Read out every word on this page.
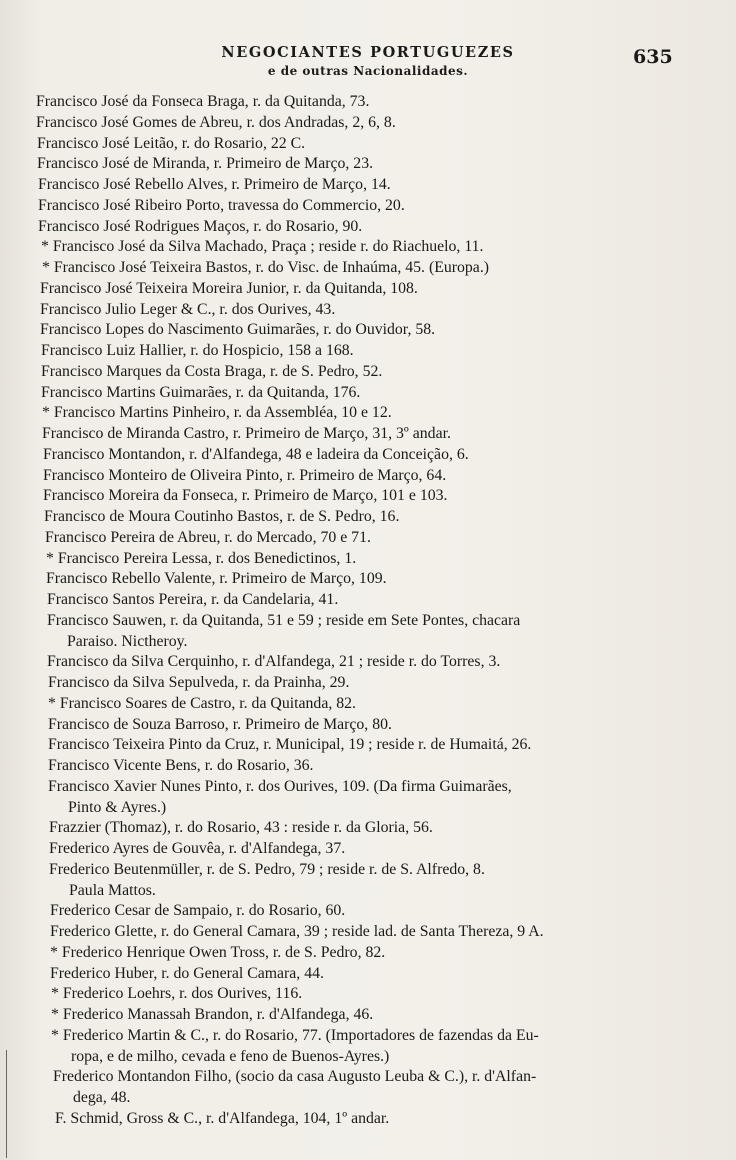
NEGOCIANTES PORTUGUEZES
e de outras Nacionalidades.
635
Francisco José da Fonseca Braga, r. da Quitanda, 73.
Francisco José Gomes de Abreu, r. dos Andradas, 2, 6, 8.
Francisco José Leitão, r. do Rosario, 22 C.
Francisco José de Miranda, r. Primeiro de Março, 23.
Francisco José Rebello Alves, r. Primeiro de Março, 14.
Francisco José Ribeiro Porto, travessa do Commercio, 20.
Francisco José Rodrigues Maços, r. do Rosario, 90.
* Francisco José da Silva Machado, Praça ; reside r. do Riachuelo, 11.
* Francisco José Teixeira Bastos, r. do Visc. de Inhaúma, 45. (Europa.)
Francisco José Teixeira Moreira Junior, r. da Quitanda, 108.
Francisco Julio Leger & C., r. dos Ourives, 43.
Francisco Lopes do Nascimento Guimarães, r. do Ouvidor, 58.
Francisco Luiz Hallier, r. do Hospicio, 158 a 168.
Francisco Marques da Costa Braga, r. de S. Pedro, 52.
Francisco Martins Guimarães, r. da Quitanda, 176.
* Francisco Martins Pinheiro, r. da Assembléa, 10 e 12.
Francisco de Miranda Castro, r. Primeiro de Março, 31, 3º andar.
Francisco Montandon, r. d'Alfandega, 48 e ladeira da Conceição, 6.
Francisco Monteiro de Oliveira Pinto, r. Primeiro de Março, 64.
Francisco Moreira da Fonseca, r. Primeiro de Março, 101 e 103.
Francisco de Moura Coutinho Bastos, r. de S. Pedro, 16.
Francisco Pereira de Abreu, r. do Mercado, 70 e 71.
* Francisco Pereira Lessa, r. dos Benedictinos, 1.
Francisco Rebello Valente, r. Primeiro de Março, 109.
Francisco Santos Pereira, r. da Candelaria, 41.
Francisco Sauwen, r. da Quitanda, 51 e 59 ; reside em Sete Pontes, chacara
Paraiso. Nictheroy.
Francisco da Silva Cerquinho, r. d'Alfandega, 21 ; reside r. do Torres, 3.
Francisco da Silva Sepulveda, r. da Prainha, 29.
* Francisco Soares de Castro, r. da Quitanda, 82.
Francisco de Souza Barroso, r. Primeiro de Março, 80.
Francisco Teixeira Pinto da Cruz, r. Municipal, 19 ; reside r. de Humaitá, 26.
Francisco Vicente Bens, r. do Rosario, 36.
Francisco Xavier Nunes Pinto, r. dos Ourives, 109. (Da firma Guimarães,
Pinto & Ayres.)
Frazzier (Thomaz), r. do Rosario, 43 : reside r. da Gloria, 56.
Frederico Ayres de Gouvêa, r. d'Alfandega, 37.
Frederico Beutenmüller, r. de S. Pedro, 79 ; reside r. de S. Alfredo, 8.
Paula Mattos.
Frederico Cesar de Sampaio, r. do Rosario, 60.
Frederico Glette, r. do General Camara, 39 ; reside lad. de Santa Thereza, 9 A.
* Frederico Henrique Owen Tross, r. de S. Pedro, 82.
Frederico Huber, r. do General Camara, 44.
* Frederico Loehrs, r. dos Ourives, 116.
* Frederico Manassah Brandon, r. d'Alfandega, 46.
* Frederico Martin & C., r. do Rosario, 77. (Importadores de fazendas da Eu-
ropa, e de milho, cevada e feno de Buenos-Ayres.)
Frederico Montandon Filho, (socio da casa Augusto Leuba & C.), r. d'Alfan-
dega, 48.
F. Schmid, Gross & C., r. d'Alfandega, 104, 1º andar.
